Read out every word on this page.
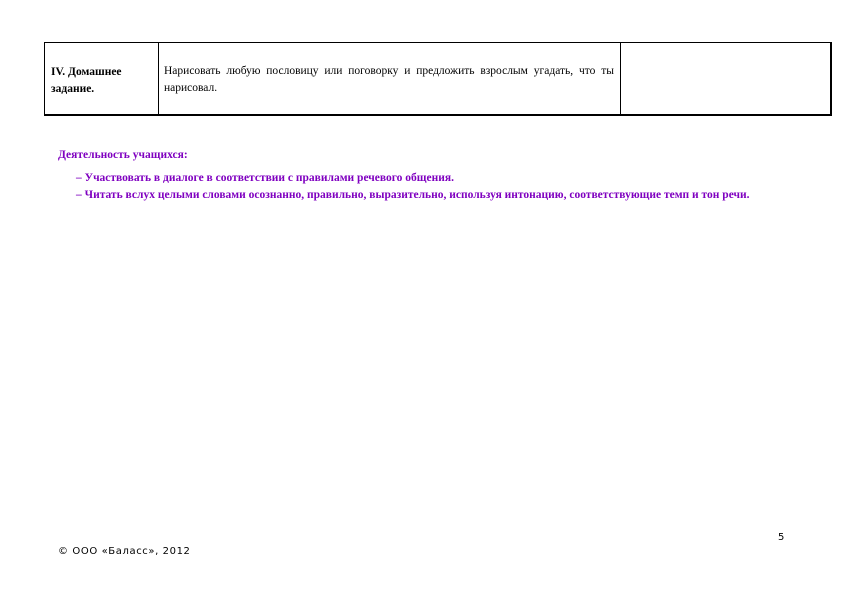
IV. Домашнее задание.	Нарисовать любую пословицу или поговорку и предложить взрослым угадать, что ты нарисовал.	
Деятельность учащихся:
– Участвовать в диалоге в соответствии с правилами речевого общения.
– Читать вслух целыми словами осознанно, правильно, выразительно, используя интонацию, соответствующие темп и тон речи.
5
© ООО «Баласс», 2012
